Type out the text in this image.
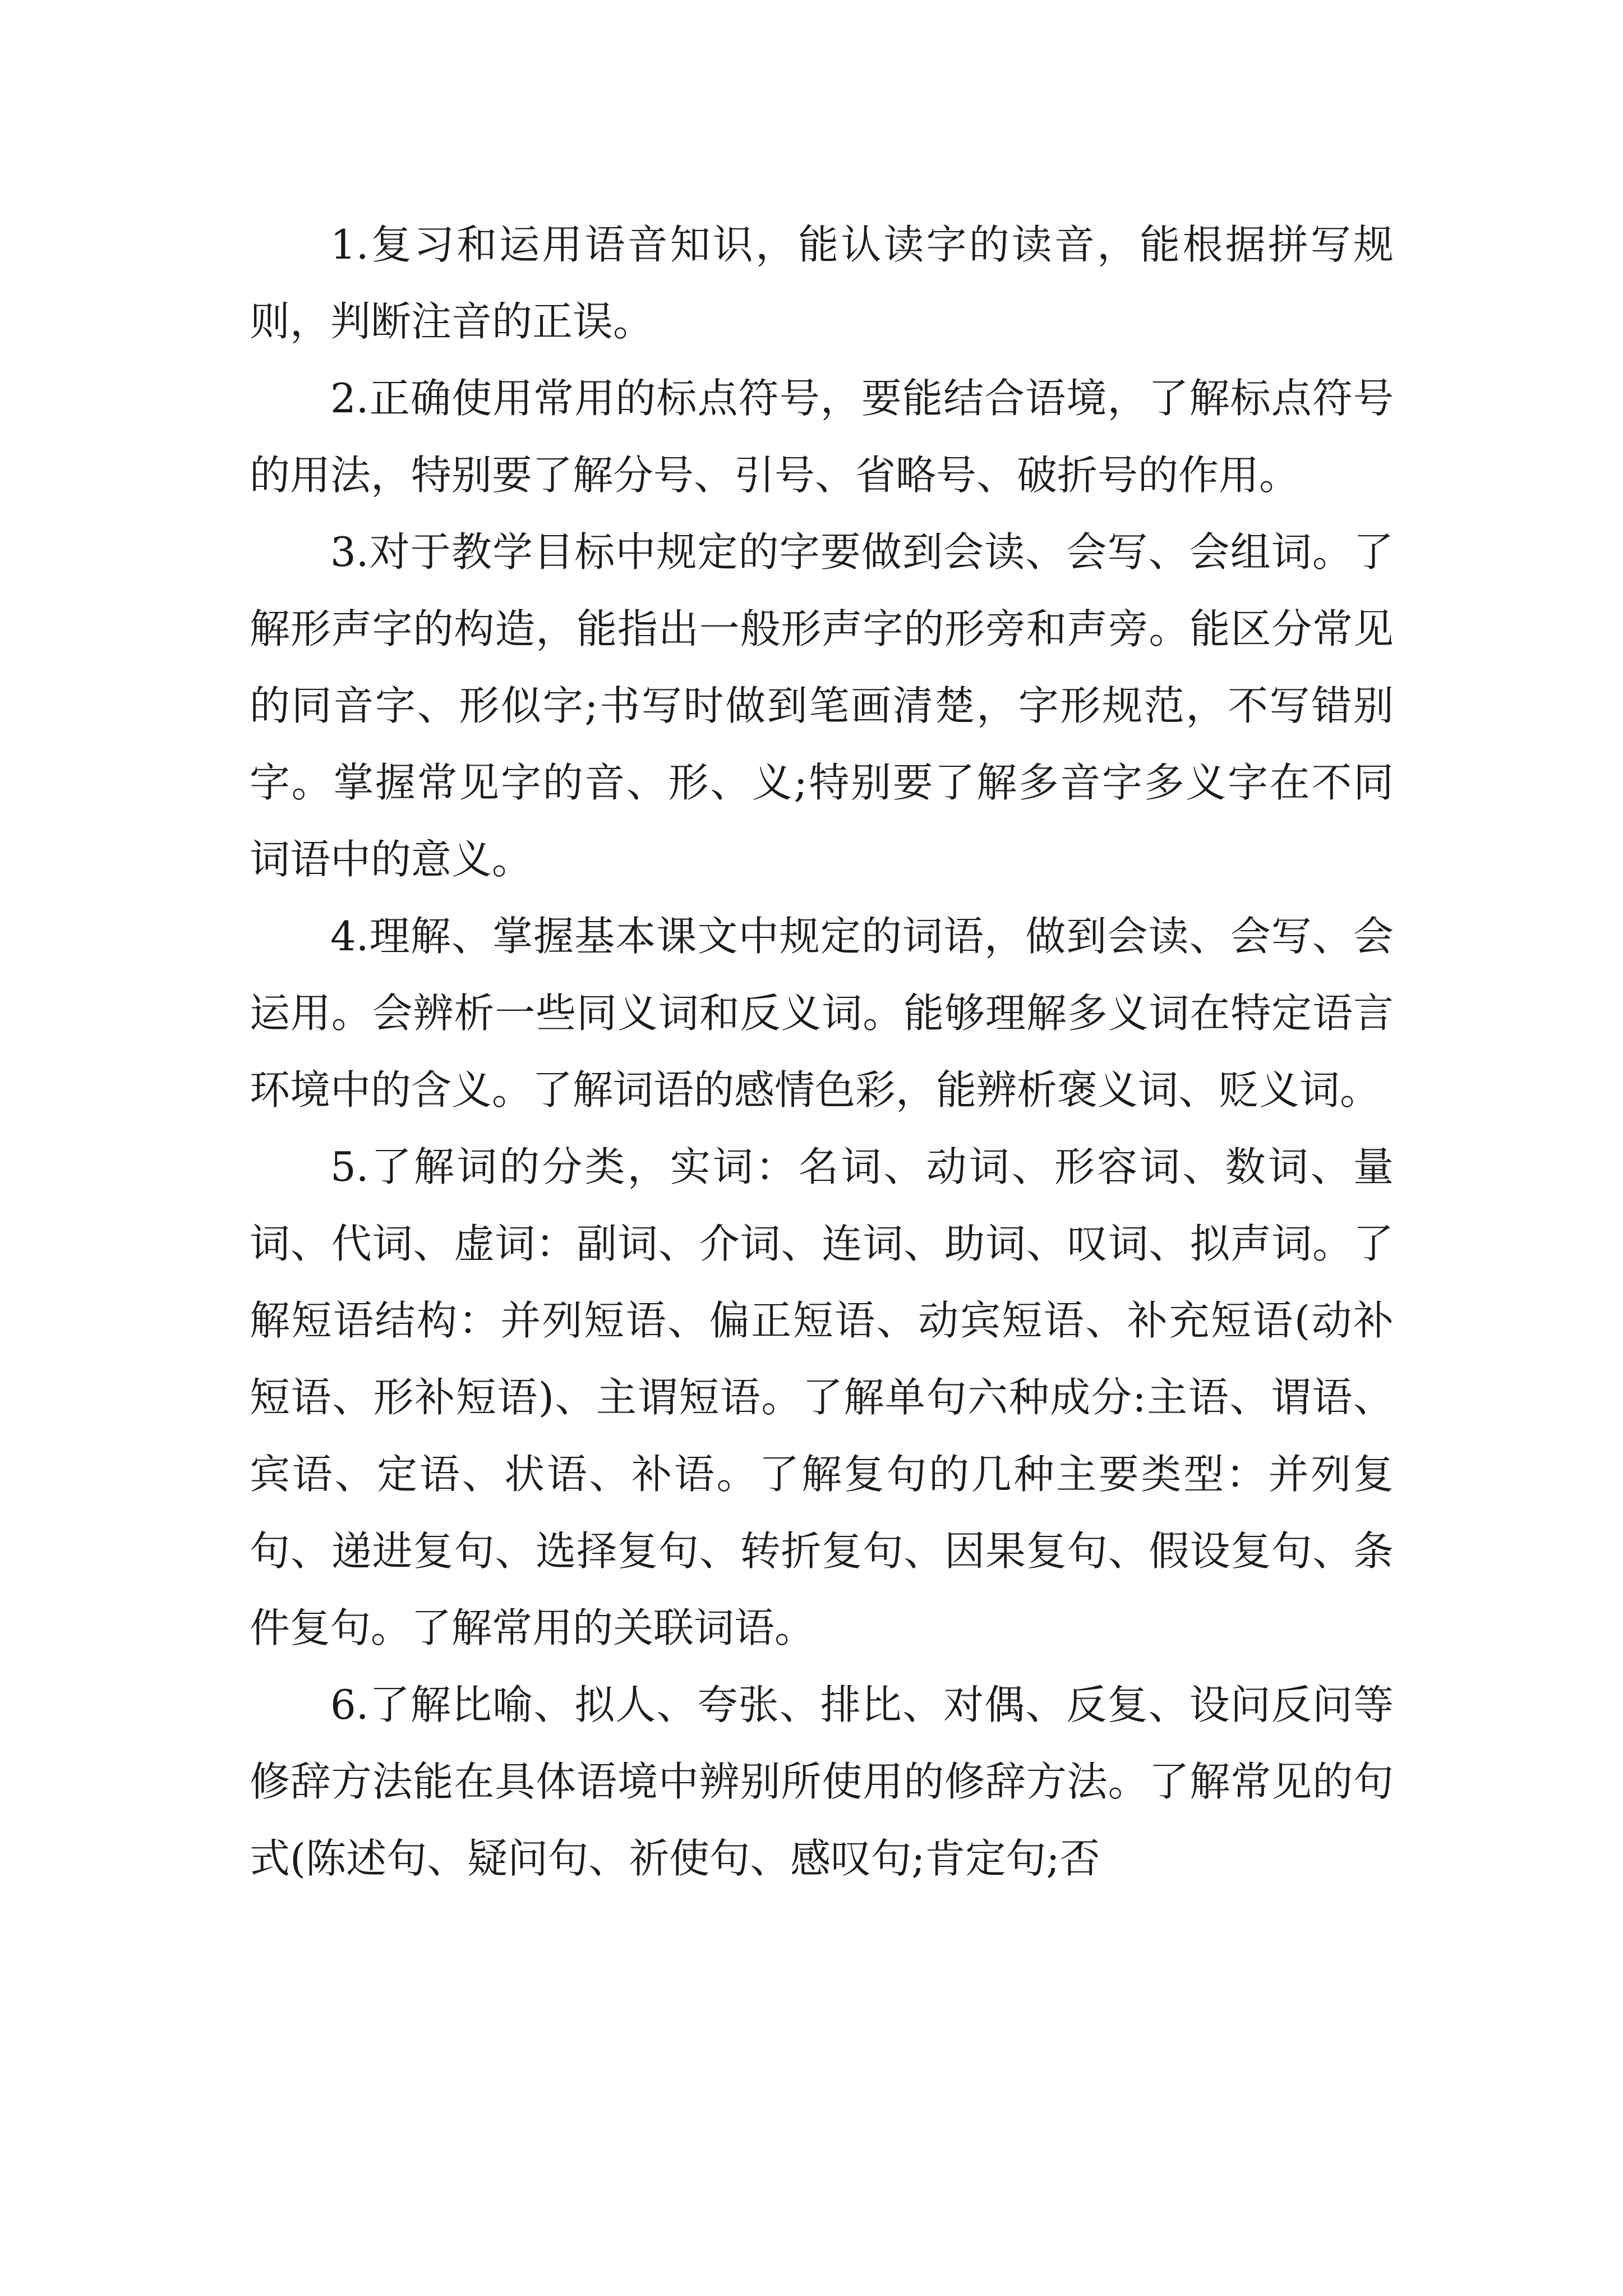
1.复习和运用语音知识，能认读字的读音，能根据拼写规则，判断注音的正误。

2.正确使用常用的标点符号，要能结合语境，了解标点符号的用法，特别要了解分号、引号、省略号、破折号的作用。

3.对于教学目标中规定的字要做到会读、会写、会组词。了解形声字的构造，能指出一般形声字的形旁和声旁。能区分常见的同音字、形似字;书写时做到笔画清楚，字形规范，不写错别字。掌握常见字的音、形、义;特别要了解多音字多义字在不同词语中的意义。

4.理解、掌握基本课文中规定的词语，做到会读、会写、会运用。会辨析一些同义词和反义词。能够理解多义词在特定语言环境中的含义。了解词语的感情色彩，能辨析褒义词、贬义词。

5.了解词的分类，实词：名词、动词、形容词、数词、量词、代词、虚词：副词、介词、连词、助词、叹词、拟声词。了解短语结构：并列短语、偏正短语、动宾短语、补充短语(动补短语、形补短语)、主谓短语。了解单句六种成分:主语、谓语、宾语、定语、状语、补语。了解复句的几种主要类型：并列复句、递进复句、选择复句、转折复句、因果复句、假设复句、条件复句。了解常用的关联词语。

6.了解比喻、拟人、夸张、排比、对偶、反复、设问反问等修辞方法能在具体语境中辨别所使用的修辞方法。了解常见的句式(陈述句、疑问句、祈使句、感叹句;肯定句;否
